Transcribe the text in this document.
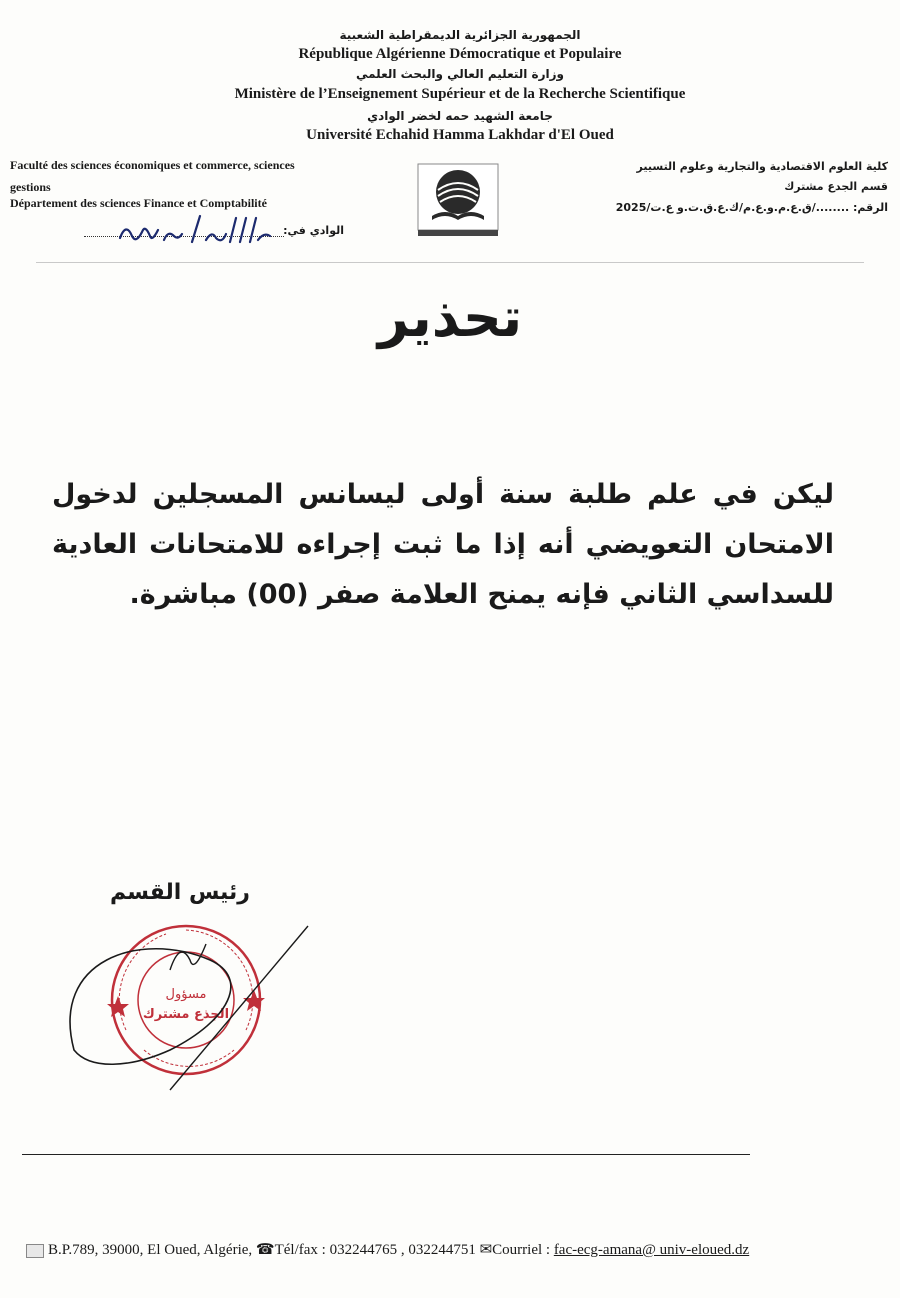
الجمهورية الجزائرية الديمقراطية الشعبية
République Algérienne Démocratique et Populaire
وزارة التعليم العالي والبحث العلمي
Ministère de l’Enseignement Supérieur et de la Recherche Scientifique
جامعة الشهيد حمه لخضر الوادي
Université Echahid Hamma Lakhdar d'El Oued
Faculté des sciences économiques et commerce, sciences
gestions
Département des sciences Finance et Comptabilité
الوادي في:
كلية العلوم الاقتصادية والتجارية وعلوم التسيير
قسم الجدع مشترك
الرقم: ......../ق.ع.م.و.ع.م/ك.ع.ق.ت.و ع.ت/2025
تحذير
ليكن في علم طلبة سنة أولى ليسانس المسجلين لدخول الامتحان التعويضي أنه إذا ما ثبت إجراءه للامتحانات العادية للسداسي الثاني فإنه يمنح العلامة صفر (00) مباشرة.
رئيس القسم
مسؤول
الجذع مشترك
B.P.789, 39000, El Oued, Algérie, ☎Tél/fax : 032244765 , 032244751 ✉Courriel : fac-ecg-amana@ univ-eloued.dz
